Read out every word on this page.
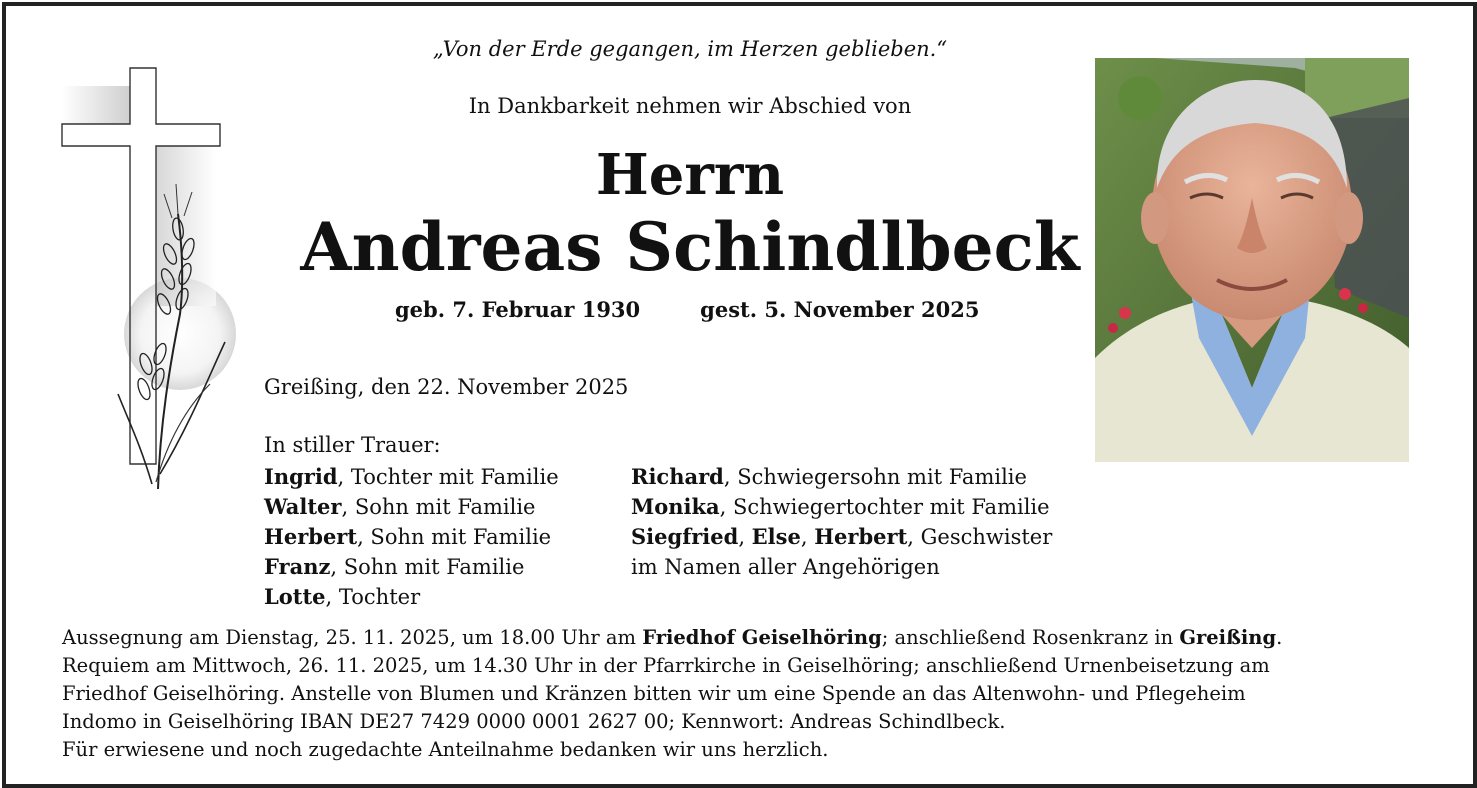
„Von der Erde gegangen, im Herzen geblieben.“
In Dankbarkeit nehmen wir Abschied von
Herrn
Andreas Schindlbeck
geb. 7. Februar 1930	gest. 5. November 2025
Greißing, den 22. November 2025
In stiller Trauer:
Ingrid, Tochter mit Familie
Walter, Sohn mit Familie
Herbert, Sohn mit Familie
Franz, Sohn mit Familie
Lotte, Tochter
Richard, Schwiegersohn mit Familie
Monika, Schwiegertochter mit Familie
Siegfried, Else, Herbert, Geschwister
im Namen aller Angehörigen
Aussegnung am Dienstag, 25. 11. 2025, um 18.00 Uhr am Friedhof Geiselhöring; anschließend Rosenkranz in Greißing.
Requiem am Mittwoch, 26. 11. 2025, um 14.30 Uhr in der Pfarrkirche in Geiselhöring; anschließend Urnenbeisetzung am
Friedhof Geiselhöring. Anstelle von Blumen und Kränzen bitten wir um eine Spende an das Altenwohn- und Pflegeheim
Indomo in Geiselhöring IBAN DE27 7429 0000 0001 2627 00; Kennwort: Andreas Schindlbeck.
Für erwiesene und noch zugedachte Anteilnahme bedanken wir uns herzlich.
